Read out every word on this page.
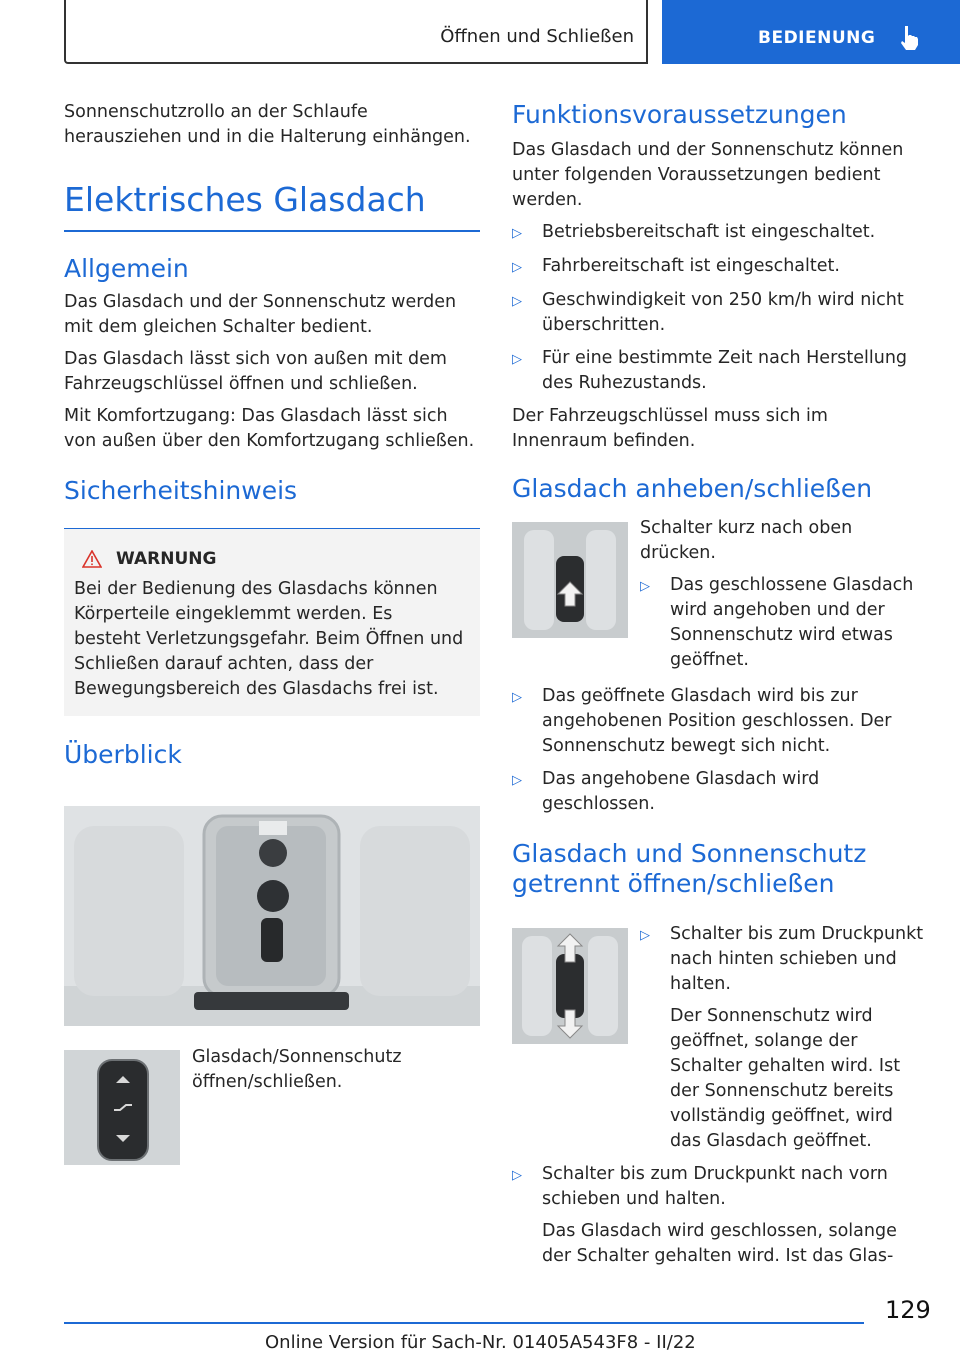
Öffnen und Schließen	BEDIENUNG

Sonnenschutzrollo an der Schlaufe herausziehen und in die Halterung einhängen.

Elektrisches Glasdach
Allgemein

Das Glasdach und der Sonnenschutz werden mit dem gleichen Schalter bedient.

Das Glasdach lässt sich von außen mit dem Fahrzeugschlüssel öffnen und schließen.

Mit Komfortzugang: Das Glasdach lässt sich von außen über den Komfortzugang schließen.

Sicherheitshinweis
WARNUNG

Bei der Bedienung des Glasdachs können Körperteile eingeklemmt werden. Es besteht Verletzungsgefahr. Beim Öffnen und Schließen darauf achten, dass der Bewegungsbereich des Glasdachs frei ist.

Überblick

Glasdach/Sonnenschutz öffnen/schließen.

Funktionsvoraussetzungen

Das Glasdach und der Sonnenschutz können unter folgenden Voraussetzungen bedient werden.

▷	Betriebsbereitschaft ist eingeschaltet.
▷	Fahrbereitschaft ist eingeschaltet.
▷	Geschwindigkeit von 250 km/h wird nicht überschritten.
▷	Für eine bestimmte Zeit nach Herstellung des Ruhezustands.

Der Fahrzeugschlüssel muss sich im Innenraum befinden.

Glasdach anheben/schließen

Schalter kurz nach oben drücken.

▷	Das geschlossene Glasdach wird angehoben und der Sonnenschutz wird etwas geöffnet.
▷	Das geöffnete Glasdach wird bis zur angehobenen Position geschlossen. Der Sonnenschutz bewegt sich nicht.
▷	Das angehobene Glasdach wird geschlossen.
Glasdach und Sonnenschutz getrennt öffnen/schließen
▷	Schalter bis zum Druckpunkt nach hinten schieben und halten.
Der Sonnenschutz wird geöffnet, solange der Schalter gehalten wird. Ist der Sonnenschutz bereits vollständig geöffnet, wird das Glasdach geöffnet.
▷	Schalter bis zum Druckpunkt nach vorn schieben und halten.
Das Glasdach wird geschlossen, solange der Schalter gehalten wird. Ist das Glas-
129
Online Version für Sach-Nr. 01405A543F8 - II/22
